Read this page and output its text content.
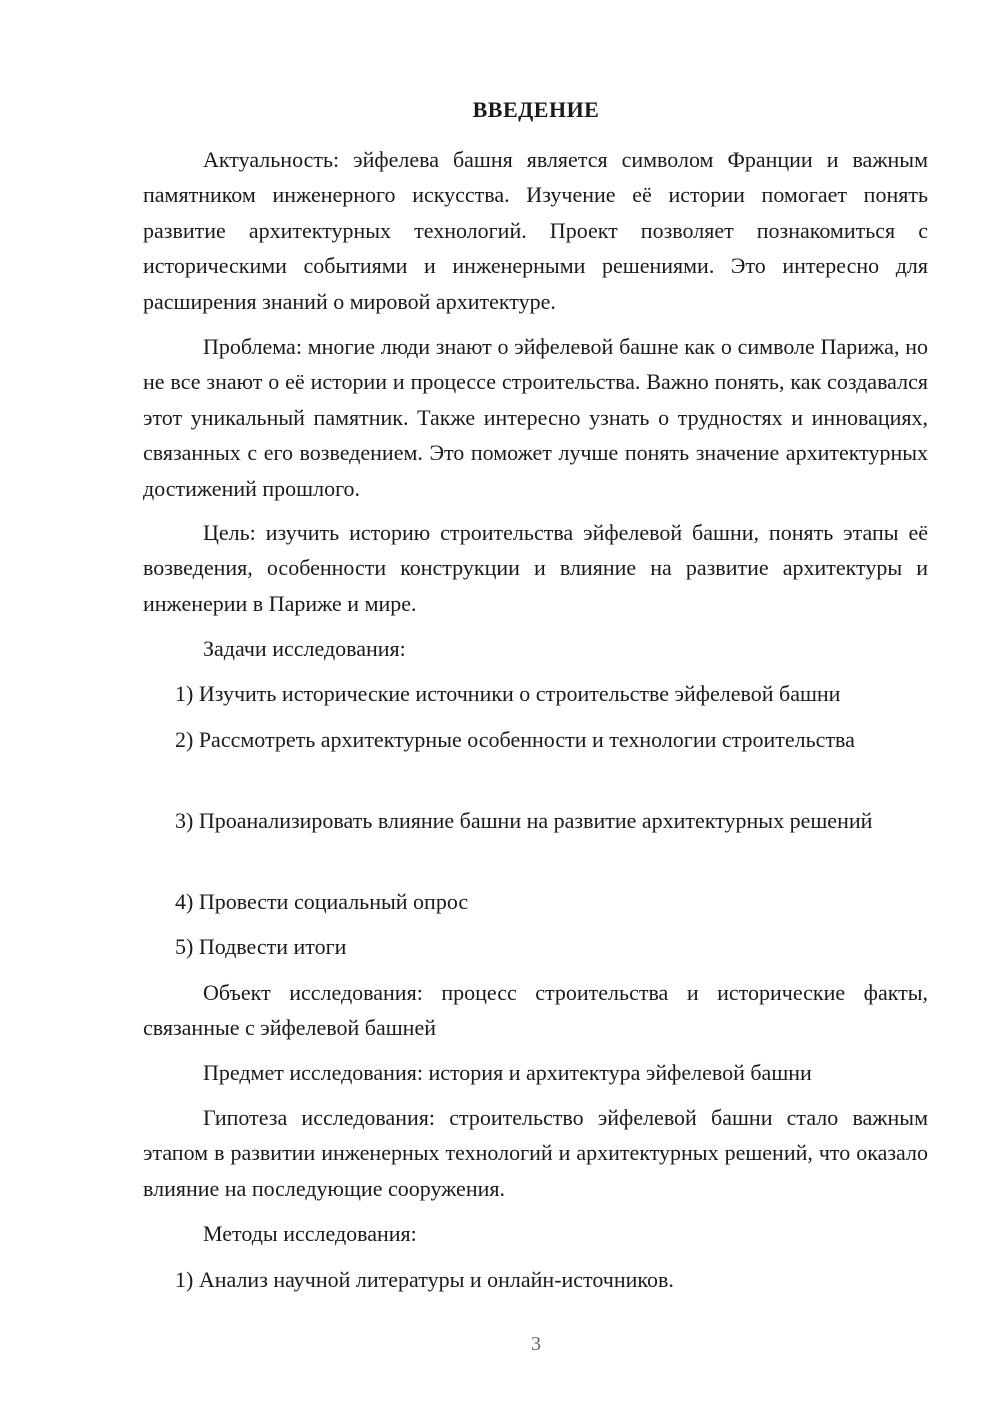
ВВЕДЕНИЕ
Актуальность: эйфелева башня является символом Франции и важным памятником инженерного искусства. Изучение её истории помогает понять развитие архитектурных технологий. Проект позволяет познакомиться с историческими событиями и инженерными решениями. Это интересно для расширения знаний о мировой архитектуре.
Проблема: многие люди знают о эйфелевой башне как о символе Парижа, но не все знают о её истории и процессе строительства. Важно понять, как создавался этот уникальный памятник. Также интересно узнать о трудностях и инновациях, связанных с его возведением. Это поможет лучше понять значение архитектурных достижений прошлого.
Цель: изучить историю строительства эйфелевой башни, понять этапы её возведения, особенности конструкции и влияние на развитие архитектуры и инженерии в Париже и мире.
Задачи исследования:
1) Изучить исторические источники о строительстве эйфелевой башни
2) Рассмотреть архитектурные особенности и технологии строительства
3) Проанализировать влияние башни на развитие архитектурных решений
4) Провести социальный опрос
5) Подвести итоги
Объект исследования: процесс строительства и исторические факты, связанные с эйфелевой башней
Предмет исследования: история и архитектура эйфелевой башни
Гипотеза исследования: строительство эйфелевой башни стало важным этапом в развитии инженерных технологий и архитектурных решений, что оказало влияние на последующие сооружения.
Методы исследования:
1) Анализ научной литературы и онлайн-источников.
3
